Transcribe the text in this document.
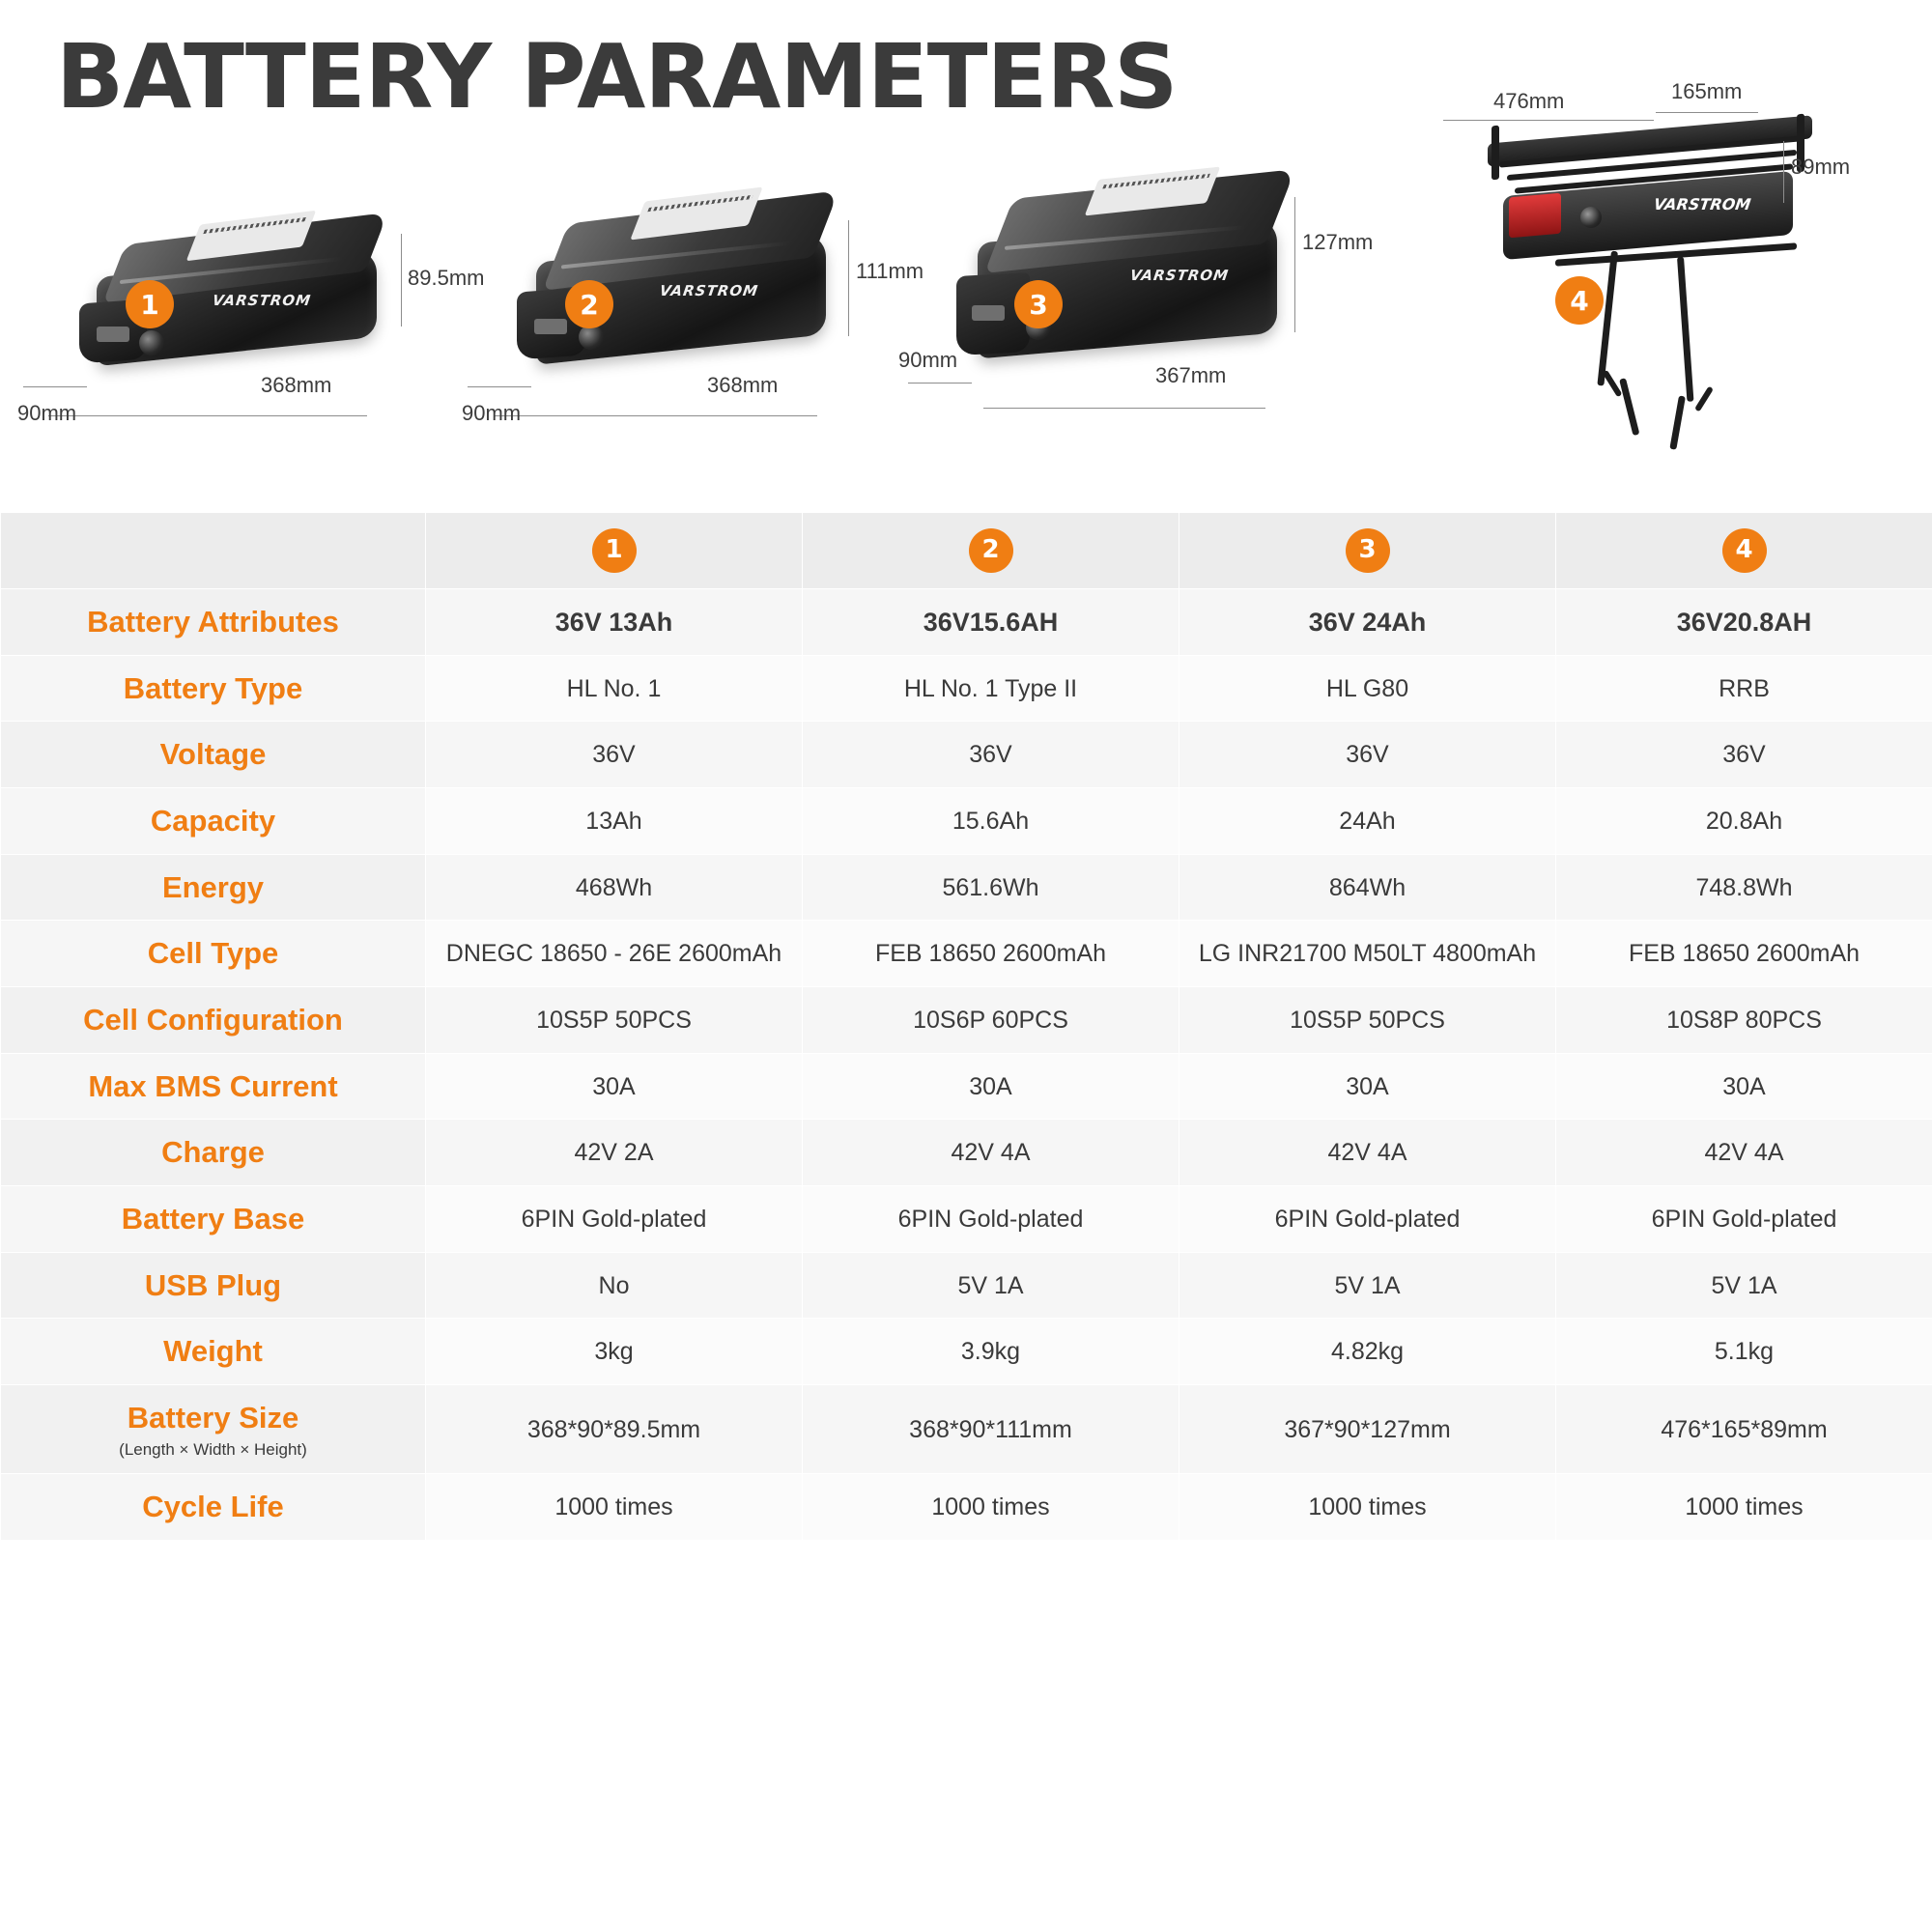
BATTERY PARAMETERS
1	VARSTROM
89.5mm
368mm
90mm
2	VARSTROM
111mm
368mm
90mm
3
VARSTROM
127mm
367mm
90mm
4
VARSTROM
476mm	165mm
89mm

1	2	3	4

Battery Attributes	36V 13Ah	36V15.6AH	36V 24Ah	36V20.8AH
Battery Type	HL No. 1	HL No. 1 Type II	HL G80	RRB
Voltage	36V	36V	36V	36V
Capacity	13Ah	15.6Ah	24Ah	20.8Ah
Energy	468Wh	561.6Wh	864Wh	748.8Wh
Cell Type	DNEGC 18650 - 26E 2600mAh	FEB 18650 2600mAh	LG INR21700 M50LT 4800mAh	FEB 18650 2600mAh
Cell Configuration	10S5P 50PCS	10S6P 60PCS	10S5P 50PCS	10S8P 80PCS
Max BMS Current	30A	30A	30A	30A
Charge	42V 2A	42V 4A	42V 4A	42V 4A
Battery Base	6PIN Gold-plated	6PIN Gold-plated	6PIN Gold-plated	6PIN Gold-plated
USB Plug	No	5V 1A	5V 1A	5V 1A
Weight	3kg	3.9kg	4.82kg	5.1kg
Battery Size
(Length × Width × Height)	368*90*89.5mm	368*90*111mm	367*90*127mm	476*165*89mm
Cycle Life	1000 times	1000 times	1000 times	1000 times
